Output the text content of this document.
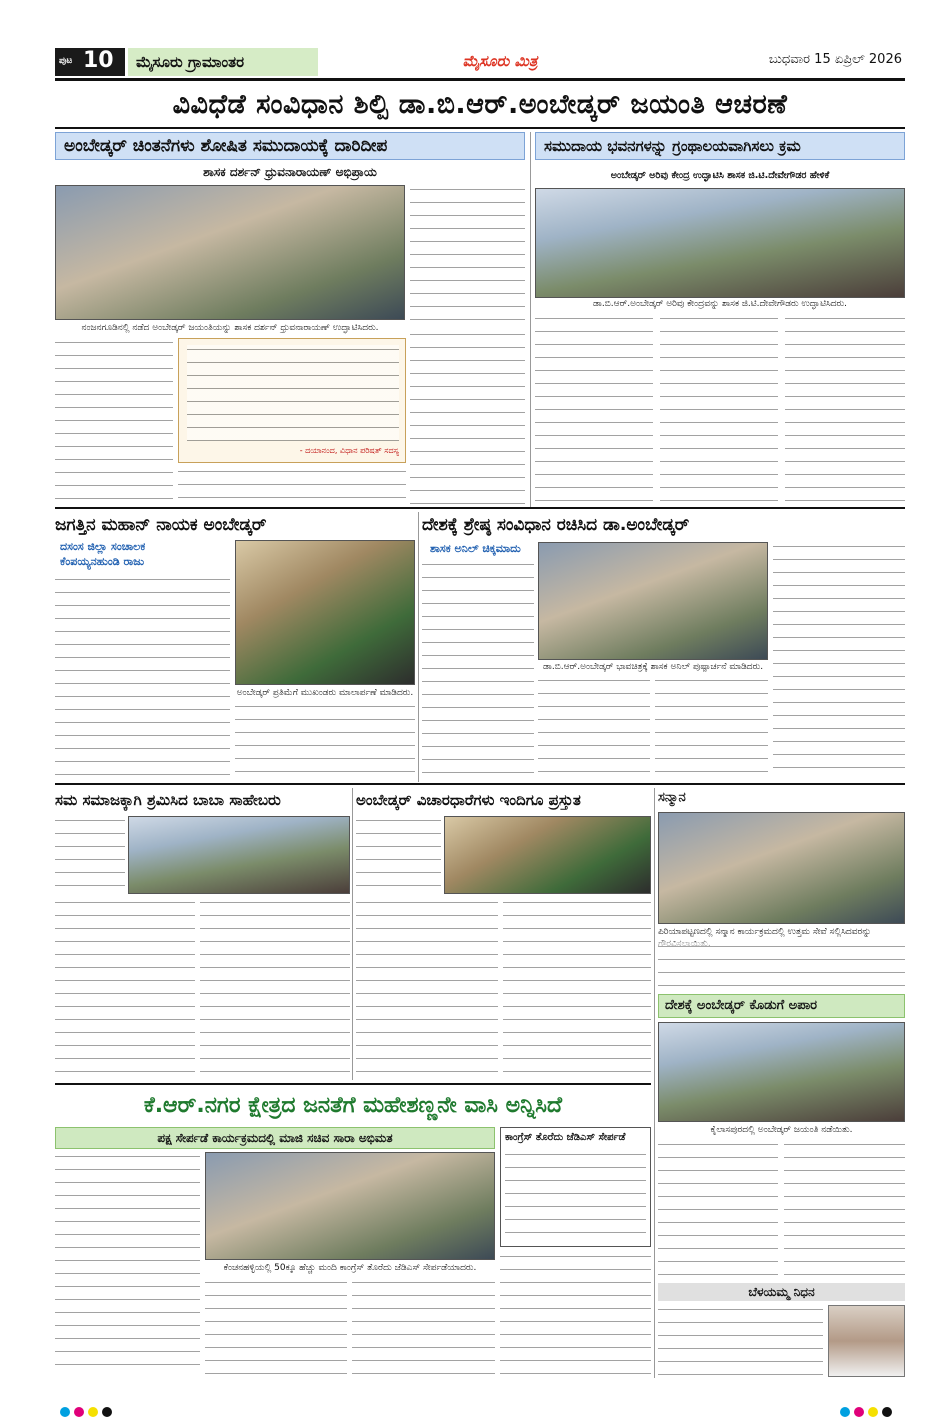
ಪುಟ 10	ಮೈಸೂರು ಗ್ರಾಮಾಂತರ	ಮೈಸೂರು ಮಿತ್ರ	ಬುಧವಾರ 15 ಏಪ್ರಿಲ್ 2026
ವಿವಿಧೆಡೆ ಸಂವಿಧಾನ ಶಿಲ್ಪಿ ಡಾ.ಬಿ.ಆರ್.ಅಂಬೇಡ್ಕರ್ ಜಯಂತಿ ಆಚರಣೆ
ಅಂಬೇಡ್ಕರ್ ಚಿಂತನೆಗಳು ಶೋಷಿತ ಸಮುದಾಯಕ್ಕೆ ದಾರಿದೀಪ
ಶಾಸಕ ದರ್ಶನ್ ಧ್ರುವನಾರಾಯಣ್ ಅಭಿಪ್ರಾಯ
ನಂಜನಗೂಡಿನಲ್ಲಿ ನಡೆದ ಅಂಬೇಡ್ಕರ್ ಜಯಂತಿಯನ್ನು ಶಾಸಕ ದರ್ಶನ್ ಧ್ರುವನಾರಾಯಣ್ ಉದ್ಘಾಟಿಸಿದರು.
- ದಯಾನಂದ, ವಿಧಾನ ಪರಿಷತ್ ಸದಸ್ಯ
ಸಮುದಾಯ ಭವನಗಳನ್ನು ಗ್ರಂಥಾಲಯವಾಗಿಸಲು ಕ್ರಮ
ಅಂಬೇಡ್ಕರ್ ಅರಿವು ಕೇಂದ್ರ ಉದ್ಘಾಟಿಸಿ ಶಾಸಕ ಜಿ.ಟಿ.ದೇವೇಗೌಡರ ಹೇಳಿಕೆ
ಡಾ.ಬಿ.ಆರ್.ಅಂಬೇಡ್ಕರ್ ಅರಿವು ಕೇಂದ್ರವನ್ನು ಶಾಸಕ ಜಿ.ಟಿ.ದೇವೇಗೌಡರು ಉದ್ಘಾಟಿಸಿದರು.
ಜಗತ್ತಿನ ಮಹಾನ್ ನಾಯಕ ಅಂಬೇಡ್ಕರ್
ದಸಂಸ ಜಿಲ್ಲಾ ಸಂಚಾಲಕ
ಕೆಂಪಯ್ಯನಹುಂಡಿ ರಾಜು
ಅಂಬೇಡ್ಕರ್ ಪ್ರತಿಮೆಗೆ ಮುಖಂಡರು ಮಾಲಾರ್ಪಣೆ ಮಾಡಿದರು.
ದೇಶಕ್ಕೆ ಶ್ರೇಷ್ಠ ಸಂವಿಧಾನ ರಚಿಸಿದ ಡಾ.ಅಂಬೇಡ್ಕರ್
ಶಾಸಕ ಅನಿಲ್ ಚಿಕ್ಕಮಾದು
ಡಾ.ಬಿ.ಆರ್.ಅಂಬೇಡ್ಕರ್ ಭಾವಚಿತ್ರಕ್ಕೆ ಶಾಸಕ ಅನಿಲ್ ಪುಷ್ಪಾರ್ಚನೆ ಮಾಡಿದರು.
ಸಮ ಸಮಾಜಕ್ಕಾಗಿ ಶ್ರಮಿಸಿದ ಬಾಬಾ ಸಾಹೇಬರು	ಅಂಬೇಡ್ಕರ್ ವಿಚಾರಧಾರೆಗಳು ಇಂದಿಗೂ ಪ್ರಸ್ತುತ	ಸನ್ಮಾನ
ಪಿರಿಯಾಪಟ್ಟಣದಲ್ಲಿ ಸನ್ಮಾನ ಕಾರ್ಯಕ್ರಮದಲ್ಲಿ ಉತ್ತಮ ಸೇವೆ ಸಲ್ಲಿಸಿದವರನ್ನು
ದೇಶಕ್ಕೆ ಅಂಬೇಡ್ಕರ್ ಕೊಡುಗೆ ಅಪಾರ
ಕೈಲಾಸಪುರದಲ್ಲಿ ಅಂಬೇಡ್ಕರ್ ಜಯಂತಿ ನಡೆಯಿತು.
ಬೆಳಯಮ್ಮ ನಿಧನ
ಕೆ.ಆರ್.ನಗರ ಕ್ಷೇತ್ರದ ಜನತೆಗೆ ಮಹೇಶಣ್ಣನೇ ವಾಸಿ ಅನ್ನಿಸಿದೆ
ಪಕ್ಷ ಸೇರ್ಪಡೆ ಕಾರ್ಯಕ್ರಮದಲ್ಲಿ ಮಾಜಿ ಸಚಿವ ಸಾರಾ ಅಭಿಮತ
ಕೆಂಚನಹಳ್ಳಿಯಲ್ಲಿ 50ಕ್ಕೂ ಹೆಚ್ಚು ಮಂದಿ ಕಾಂಗ್ರೆಸ್ ತೊರೆದು ಜೆಡಿಎಸ್ ಸೇರ್ಪಡೆಯಾದರು.
ಕಾಂಗ್ರೆಸ್ ತೊರೆದು ಜೆಡಿಎಸ್ ಸೇರ್ಪಡೆ
